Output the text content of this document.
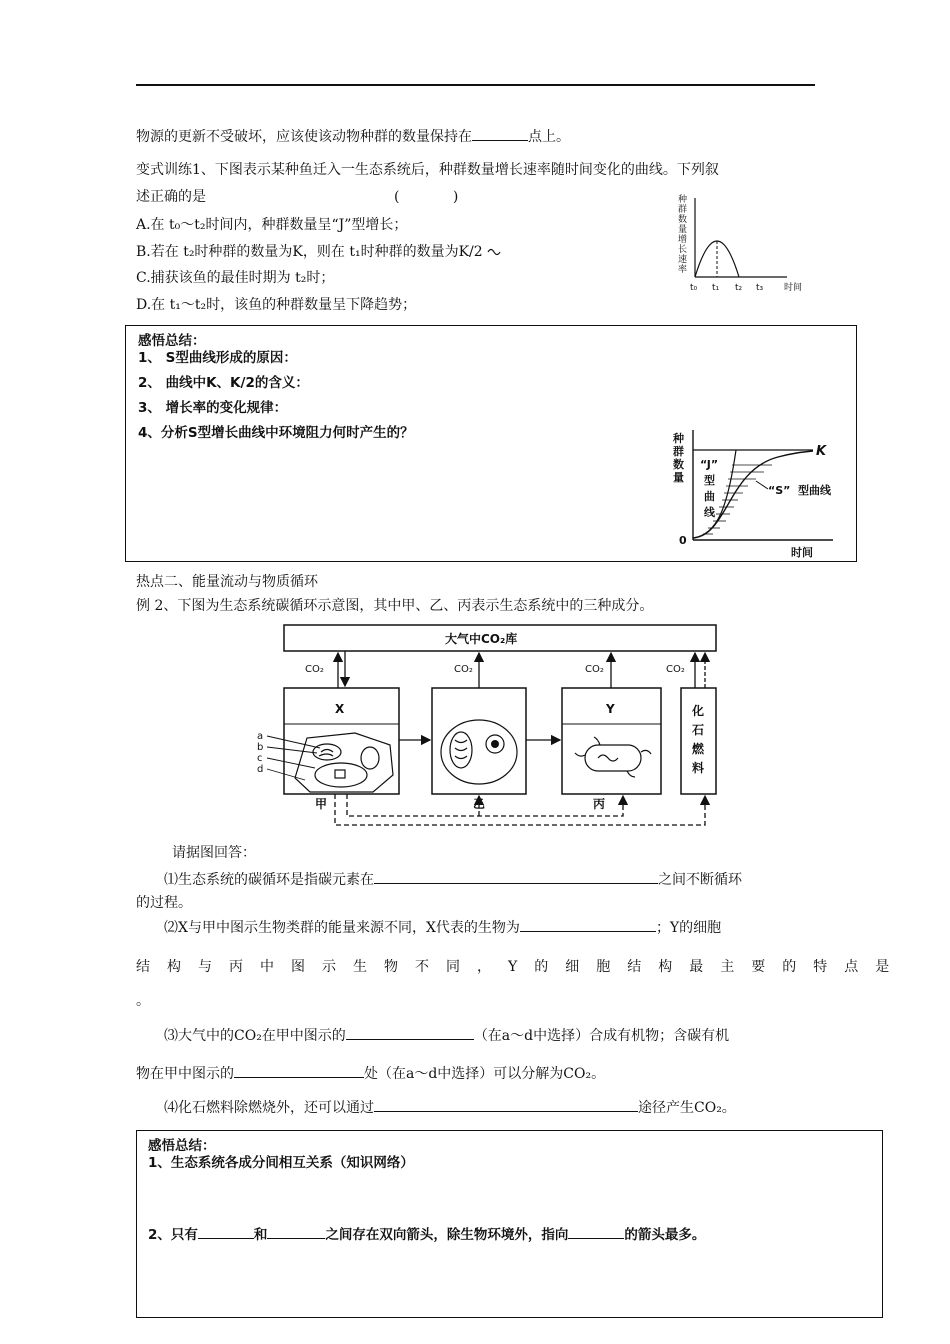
物源的更新不受破坏，应该使该动物种群的数量保持在	点上。
变式训练1、下图表示某种鱼迁入一生态系统后，种群数量增长速率随时间变化的曲线。下列叙
述正确的是	(            )
A.在 t₀～t₂时间内，种群数量呈“J”型增长；
B.若在 t₂时种群的数量为K，则在 t₁时种群的数量为K/2
C.捕获该鱼的最佳时期为 t₂时；
D.在 t₁～t₂时，该鱼的种群数量呈下降趋势；
种
群
数
量
增
长
速
率
t₀ t₁ t₂ t₃ 时间
感悟总结：
1、 S型曲线形成的原因：
2、 曲线中K、K/2的含义：
3、 增长率的变化规律：
4、分析S型增长曲线中环境阻力何时产生的？	种
群
数
量
K
0
时间
“J”
型
曲
线
“S”  型曲线
热点二、能量流动与物质循环
例 2、下图为生态系统碳循环示意图，其中甲、乙、丙表示生态系统中的三种成分。
大气中CO₂库
X	Y	化
石
燃
料
CO₂	CO₂	CO₂	CO₂
a
b
c
d
甲	乙	丙
请据图回答：
⑴生态系统的碳循环是指碳元素在	之间不断循环
的过程。
⑵X与甲中图示生物类群的能量来源不同，X代表的生物为	；Y的细胞
结构与丙中图示生物不同，Y的细胞结构最主要的特点是
。
⑶大气中的CO₂在甲中图示的	（在a～d中选择）合成有机物；含碳有机
物在甲中图示的	处（在a～d中选择）可以分解为CO₂。
⑷化石燃料除燃烧外，还可以通过	途径产生CO₂。
感悟总结：
1、生态系统各成分间相互关系（知识网络）
2、只有	和	之间存在双向箭头，除生物环境外，指向	的箭头最多。
